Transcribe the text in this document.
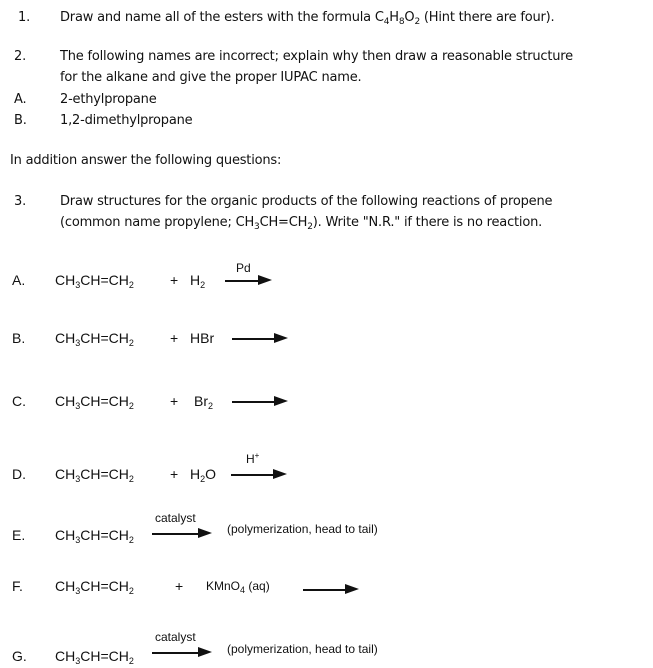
1. Draw and name all of the esters with the formula $C_4H_8O_2$ (Hint there are four).
2.	The following names are incorrect; explain why then draw a reasonable structure
for the alkane and give the proper IUPAC name.
A.	2-ethylpropane
B.	1,2-dimethylpropane
In addition answer the following questions:
3.	Draw structures for the organic products of the following reactions of propene
(common name propylene; $CH_3CH=CH_2$). Write "N.R." if there is no reaction.
A. $CH_3CH=CH_2$	+ $H_2$
Pd
B. $CH_3CH=CH_2$	+ HBr
C. $CH_3CH=CH_2$	+ $Br_2$
D. $CH_3CH=CH_2$	+ $H_2O$
H+
E. $CH_3CH=CH_2$
catalyst
(polymerization, head to tail)
F. $CH_3CH=CH_2$	+ KMnO$_4$ (aq)
G. $CH_3CH=CH_2$
catalyst
(polymerization, head to tail)
